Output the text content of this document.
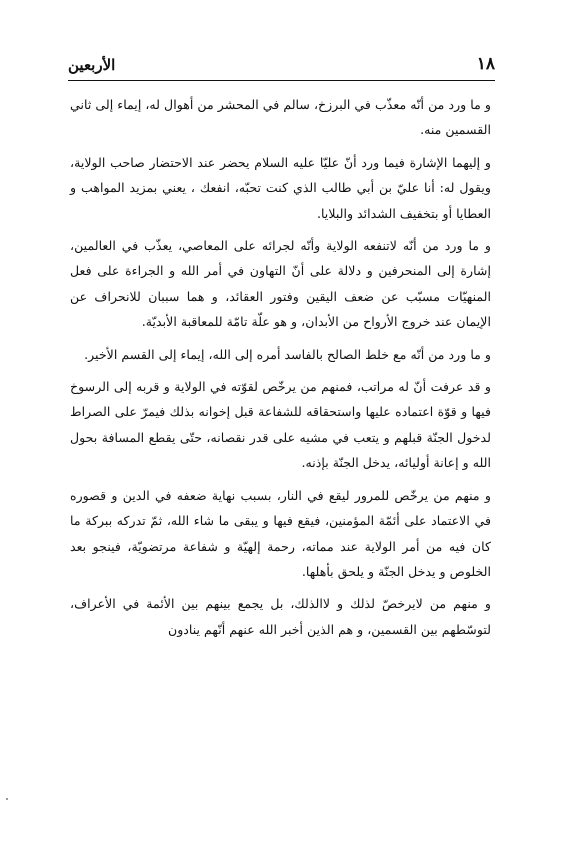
الأربعين	١٨

و ما ورد من أنّه معذّب في البرزخ، سالم في المحشر من أهوال له، إيماء إلى ثاني القسمين منه.

و إليهما الإشارة فيما ورد أنّ عليّا عليه السلام يحضر عند الاحتضار صاحب الولاية، ويقول له: أنا عليّ بن أبي طالب الذي كنت تحبّه، انفعك ، يعني بمزيد المواهب و العطايا أو بتخفيف الشدائد والبلايا.

و ما ورد من أنّه لاتنفعه الولاية وأنّه لجرائه على المعاصي، يعذّب في العالمين، إشارة إلى المنحرفين و دلالة على أنّ التهاون في أمر الله و الجراءة على فعل المنهيّات مسبّب عن ضعف اليقين وفتور العقائد، و هما سببان للانحراف عن الإيمان عند خروج الأرواح من الأبدان، و هو علّة تامّة للمعاقبة الأبديّة.

و ما ورد من أنّه مع خلط الصالح بالفاسد أمره إلى الله، إيماء إلى القسم الأخير.

و قد عرفت أنّ له مراتب، فمنهم من يرخّص لقوّته في الولاية و قربه إلى الرسوخ فيها و قوّة اعتماده عليها واستحقاقه للشفاعة قبل إخوانه بذلك فيمرّ على الصراط لدخول الجنّة قبلهم و يتعب في مشيه على قدر نقصانه، حتّى يقطع المسافة بحول الله و إعانة أوليائه، يدخل الجنّة بإذنه.

و منهم من يرخّص للمرور ليقع في النار، بسبب نهاية ضعفه في الدين و قصوره في الاعتماد على أئمّة المؤمنين، فيقع فيها و يبقى ما شاء الله، ثمّ تدركه ببركة ما كان فيه من أمر الولاية عند مماته، رحمة إلهيّة و شفاعة مرتضويّة، فينجو بعد الخلوص و يدخل الجنّة و يلحق بأهلها.

و منهم من لايرخصّ لذلك و لاالذلك، بل يجمع بينهم بين الأئمة في الأعراف، لتوسّطهم بين القسمين، و هم الذين أخبر الله عنهم أنّهم ينادون
